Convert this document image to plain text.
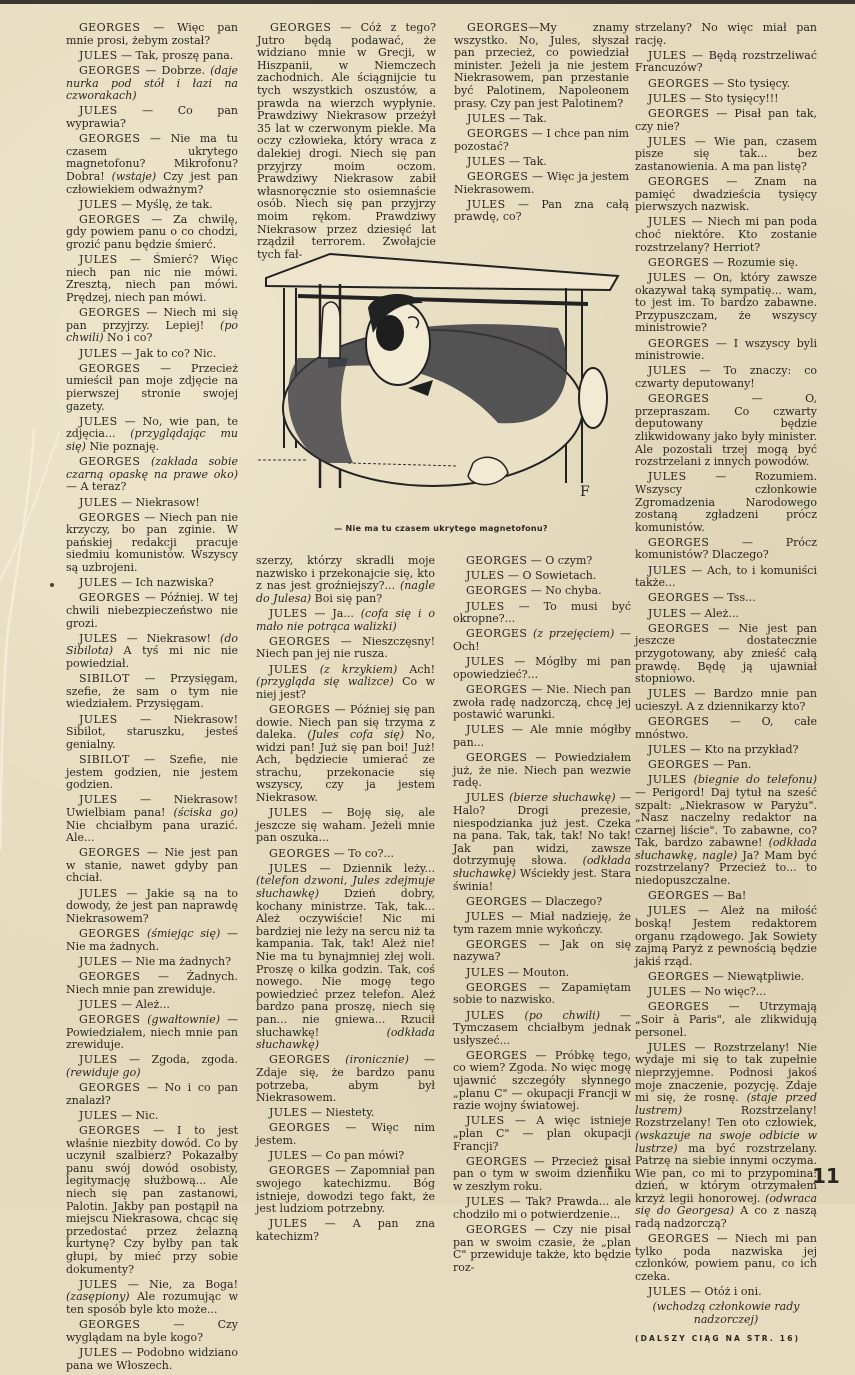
GEORGES — Więc pan mnie prosi, żebym został?

JULES — Tak, proszę pana.

GEORGES — Dobrze. (daje nurka pod stół i łazi na czworakach)

JULES — Co pan wyprawia?

GEORGES — Nie ma tu czasem ukrytego magnetofonu? Mikrofonu? Dobra! (wstaje) Czy jest pan człowiekiem odważnym?

JULES — Myślę, że tak.

GEORGES — Za chwilę, gdy powiem panu o co chodzi, grozić panu będzie śmierć.

JULES — Śmierć? Więc niech pan nic nie mówi. Zresztą, niech pan mówi. Prędzej, niech pan mówi.

GEORGES — Niech mi się pan przyjrzy. Lepiej! (po chwili) No i co?

JULES — Jak to co? Nic.

GEORGES — Przecież umieścił pan moje zdjęcie na pierwszej stronie swojej gazety.

JULES — No, wie pan, te zdjęcia... (przyglądając mu się) Nie poznaję.

GEORGES (zakłada sobie czarną opaskę na prawe oko) — A teraz?

JULES — Niekrasow!

GEORGES — Niech pan nie krzyczy, bo pan zginie. W pańskiej redakcji pracuje siedmiu komunistów. Wszyscy są uzbrojeni.

JULES — Ich nazwiska?

GEORGES — Później. W tej chwili niebezpieczeństwo nie grozi.

JULES — Niekrasow! (do Sibilota) A tyś mi nic nie powiedział.

SIBILOT — Przysięgam, szefie, że sam o tym nie wiedziałem. Przysięgam.

JULES — Niekrasow! Sibilot, staruszku, jesteś genialny.

SIBILOT — Szefie, nie jestem godzien, nie jestem godzien.

JULES — Niekrasow! Uwielbiam pana! (ściska go) Nie chciałbym pana urazić. Ale...

GEORGES — Nie jest pan w stanie, nawet gdyby pan chciał.

JULES — Jakie są na to dowody, że jest pan naprawdę Niekrasowem?

GEORGES (śmiejąc się) — Nie ma żadnych.

JULES — Nie ma żadnych?

GEORGES — Żadnych. Niech mnie pan zrewiduje.

JULES — Ależ...

GEORGES (gwałtownie) — Powiedziałem, niech mnie pan zrewiduje.

JULES — Zgoda, zgoda. (rewiduje go)

GEORGES — No i co pan znalazł?

JULES — Nic.

GEORGES — I to jest właśnie niezbity dowód. Co by uczynił szalbierz? Pokazałby panu swój dowód osobisty, legitymację służbową... Ale niech się pan zastanowi, Palotin. Jakby pan postąpił na miejscu Niekrasowa, chcąc się przedostać przez żelazną kurtynę? Czy byłby pan tak głupi, by mieć przy sobie dokumenty?

JULES — Nie, za Boga! (zasępiony) Ale rozumując w ten sposób byle kto może...

GEORGES — Czy wyglądam na byle kogo?

JULES — Podobno widziano pana we Włoszech.

GEORGES — Cóż z tego? Jutro będą podawać, że widziano mnie w Grecji, w Hiszpanii, w Niemczech zachodnich. Ale ściągnijcie tu tych wszystkich oszustów, a prawda na wierzch wypłynie. Prawdziwy Niekrasow przeżył 35 lat w czerwonym piekle. Ma oczy człowieka, który wraca z dalekiej drogi. Niech się pan przyjrzy moim oczom. Prawdziwy Niekrasow zabił własnoręcznie sto osiemnaście osób. Niech się pan przyjrzy moim rękom. Prawdziwy Niekrasow przez dziesięć lat rządził terrorem. Zwołajcie tych fał-

GEORGES—My znamy wszystko. No, Jules, słyszał pan przecież, co powiedział minister. Jeżeli ja nie jestem Niekrasowem, pan przestanie być Palotinem, Napoleonem prasy. Czy pan jest Palotinem?

JULES — Tak.

GEORGES — I chce pan nim pozostać?

JULES — Tak.

GEORGES — Więc ja jestem Niekrasowem.

JULES — Pan zna całą prawdę, co?

strzelany? No więc miał pan rację.

JULES — Będą rozstrzeliwać Francuzów?

GEORGES — Sto tysięcy.

JULES — Sto tysięcy!!!

GEORGES — Pisał pan tak, czy nie?

JULES — Wie pan, czasem pisze się tak... bez zastanowienia. A ma pan listę?

GEORGES — Znam na pamięć dwadzieścia tysięcy pierwszych nazwisk.

JULES — Niech mi pan poda choć niektóre. Kto zostanie rozstrzelany? Herriot?

GEORGES — Rozumie się.

JULES — On, który zawsze okazywał taką sympatię... wam, to jest im. To bardzo zabawne. Przypuszczam, że wszyscy ministrowie?

GEORGES — I wszyscy byli ministrowie.

JULES — To znaczy: co czwarty deputowany!

GEORGES — O, przepraszam. Co czwarty deputowany będzie zlikwidowany jako były minister. Ale pozostali trzej mogą być rozstrzelani z innych powodów.

JULES — Rozumiem. Wszyscy członkowie Zgromadzenia Narodowego zostaną zgładzeni prócz komunistów.

GEORGES — Prócz komunistów? Dlaczego?

JULES — Ach, to i komuniści także...

GEORGES — Tss...

JULES — Ależ...

GEORGES — Nie jest pan jeszcze dostatecznie przygotowany, aby znieść całą prawdę. Będę ją ujawniał stopniowo.

JULES — Bardzo mnie pan ucieszył. A z dziennikarzy kto?

GEORGES — O, całe mnóstwo.

JULES — Kto na przykład?

GEORGES — Pan.

JULES (biegnie do telefonu) — Perigord! Daj tytuł na sześć szpalt: „Niekrasow w Paryżu". „Nasz naczelny redaktor na czarnej liście". To zabawne, co? Tak, bardzo zabawne! (odkłada słuchawkę, nagle) Ja? Mam być rozstrzelany? Przecież to... to niedopuszczalne.

GEORGES — Ba!

JULES — Ależ na miłość boską! Jestem redaktorem organu rządowego. Jak Sowiety zajmą Paryż z pewnością będzie jakiś rząd.

GEORGES — Niewątpliwie.

JULES — No więc?...

GEORGES — Utrzymają „Soir à Paris", ale zlikwidują personel.

JULES — Rozstrzelany! Nie wydaje mi się to tak zupełnie nieprzyjemne. Podnosi jakoś moje znaczenie, pozycję. Zdaje mi się, że rosnę. (staje przed lustrem) Rozstrzelany! Rozstrzelany! Ten oto człowiek, (wskazuje na swoje odbicie w lustrze) ma być rozstrzelany. Patrzę na siebie innymi oczyma. Wie pan, co mi to przypomina: dzień, w którym otrzymałem krzyż legii honorowej. (odwraca się do Georgesa) A co z naszą radą nadzorczą?

GEORGES — Niech mi pan tylko poda nazwiska jej członków, powiem panu, co ich czeka.

JULES — Otóż i oni.

(wchodzą członkowie rady nadzorczej)

(DALSZY CIĄG NA STR. 16)
F
— Nie ma tu czasem ukrytego magnetofonu?

szerzy, którzy skradli moje nazwisko i przekonajcie się, kto z nas jest groźniejszy?... (nagle do Julesa) Boi się pan?

JULES — Ja... (cofa się i o mało nie potrąca walizki)

GEORGES — Nieszczęsny! Niech pan jej nie rusza.

JULES (z krzykiem) Ach! (przygląda się walizce) Co w niej jest?

GEORGES — Później się pan dowie. Niech pan się trzyma z daleka. (Jules cofa się) No, widzi pan! Już się pan boi! Już! Ach, będziecie umierać ze strachu, przekonacie się wszyscy, czy ja jestem Niekrasow.

JULES — Boję się, ale jeszcze się waham. Jeżeli mnie pan oszuka...

GEORGES — To co?...

JULES — Dziennik leży... (telefon dzwoni, Jules zdejmuje słuchawkę) Dzień dobry, kochany ministrze. Tak, tak... Ależ oczywiście! Nic mi bardziej nie leży na sercu niż ta kampania. Tak, tak! Ależ nie! Nie ma tu bynajmniej złej woli. Proszę o kilka godzin. Tak, coś nowego. Nie mogę tego powiedzieć przez telefon. Ależ bardzo pana proszę, niech się pan... nie gniewa... Rzucił słuchawkę! (odkłada słuchawkę)

GEORGES (ironicznie) — Zdaje się, że bardzo panu potrzeba, abym był Niekrasowem.

JULES — Niestety.

GEORGES — Więc nim jestem.

JULES — Co pan mówi?

GEORGES — Zapomniał pan swojego katechizmu. Bóg istnieje, dowodzi tego fakt, że jest ludziom potrzebny.

JULES — A pan zna katechizm?

GEORGES — O czym?

JULES — O Sowietach.

GEORGES — No chyba.

JULES — To musi być okropne?...

GEORGES (z przejęciem) — Och!

JULES — Mógłby mi pan opowiedzieć?...

GEORGES — Nie. Niech pan zwoła radę nadzorczą, chcę jej postawić warunki.

JULES — Ale mnie mógłby pan...

GEORGES — Powiedziałem już, że nie. Niech pan wezwie radę.

JULES (bierze słuchawkę) — Halo? Drogi prezesie, niespodzianka już jest. Czeka na pana. Tak, tak, tak! No tak! Jak pan widzi, zawsze dotrzymuję słowa. (odkłada słuchawkę) Wściekły jest. Stara świnia!

GEORGES — Dlaczego?

JULES — Miał nadzieję, że tym razem mnie wykończy.

GEORGES — Jak on się nazywa?

JULES — Mouton.

GEORGES — Zapamiętam sobie to nazwisko.

JULES (po chwili) — Tymczasem chciałbym jednak usłyszeć...

GEORGES — Próbkę tego, co wiem? Zgoda. No więc mogę ujawnić szczegóły słynnego „planu C" — okupacji Francji w razie wojny światowej.

JULES — A więc istnieje „plan C" — plan okupacji Francji?

GEORGES — Przecież pisał pan o tym w swoim dzienniku w zeszłym roku.

JULES — Tak? Prawda... ale chodziło mi o potwierdzenie...

GEORGES — Czy nie pisał pan w swoim czasie, że „plan C" przewiduje także, kto będzie roz-

11
